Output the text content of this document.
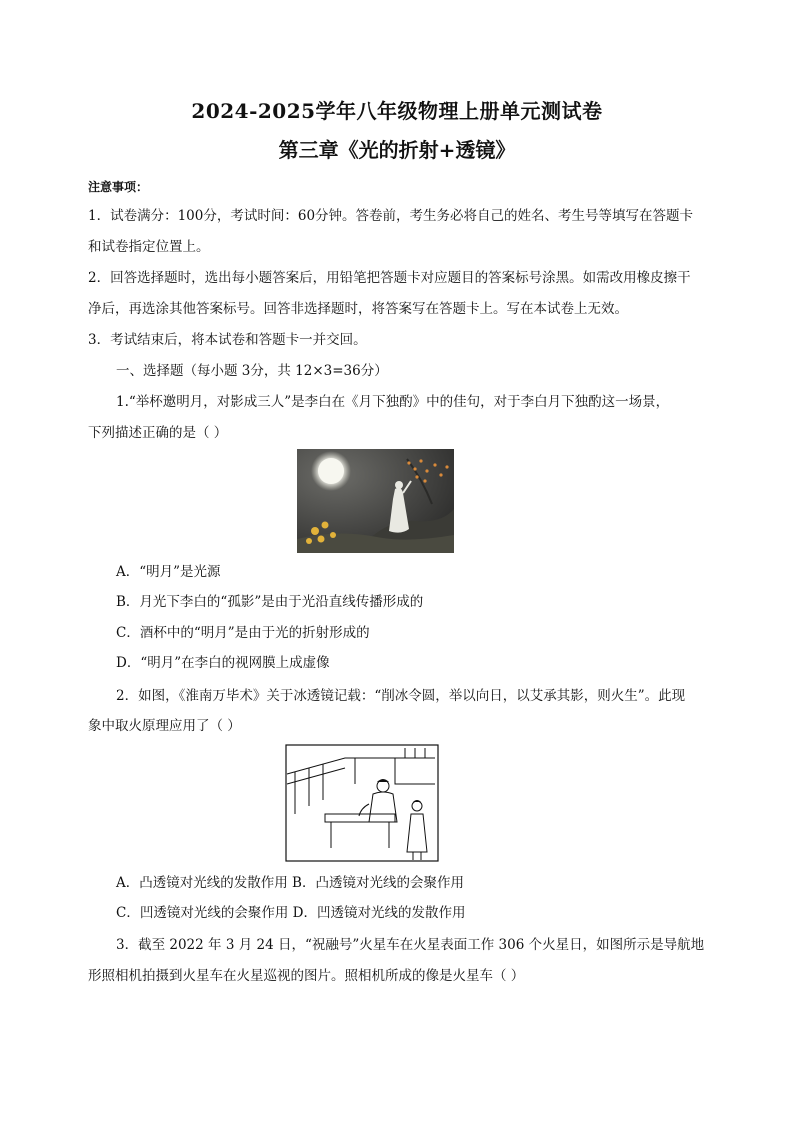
2024-2025学年八年级物理上册单元测试卷
第三章《光的折射+透镜》
注意事项：
1．试卷满分：100分，考试时间：60分钟。答卷前，考生务必将自己的姓名、考生号等填写在答题卡
和试卷指定位置上。
2．回答选择题时，选出每小题答案后，用铅笔把答题卡对应题目的答案标号涂黑。如需改用橡皮擦干
净后，再选涂其他答案标号。回答非选择题时，将答案写在答题卡上。写在本试卷上无效。
3．考试结束后，将本试卷和答题卡一并交回。
一、选择题（每小题 3分，共 12×3=36分）
1.“举杯邀明月，对影成三人”是李白在《月下独酌》中的佳句，对于李白月下独酌这一场景，
下列描述正确的是（ ）
A．“明月”是光源
B．月光下李白的“孤影”是由于光沿直线传播形成的
C．酒杯中的“明月”是由于光的折射形成的
D．“明月”在李白的视网膜上成虚像
2．如图，《淮南万毕术》关于冰透镜记载：“削冰令圆，举以向日，以艾承其影，则火生”。此现
象中取火原理应用了（ ）
A．凸透镜对光线的发散作用 B．凸透镜对光线的会聚作用
C．凹透镜对光线的会聚作用 D．凹透镜对光线的发散作用
3．截至 2022 年 3 月 24 日，“祝融号”火星车在火星表面工作 306 个火星日，如图所示是导航地
形照相机拍摄到火星车在火星巡视的图片。照相机所成的像是火星车（ ）
